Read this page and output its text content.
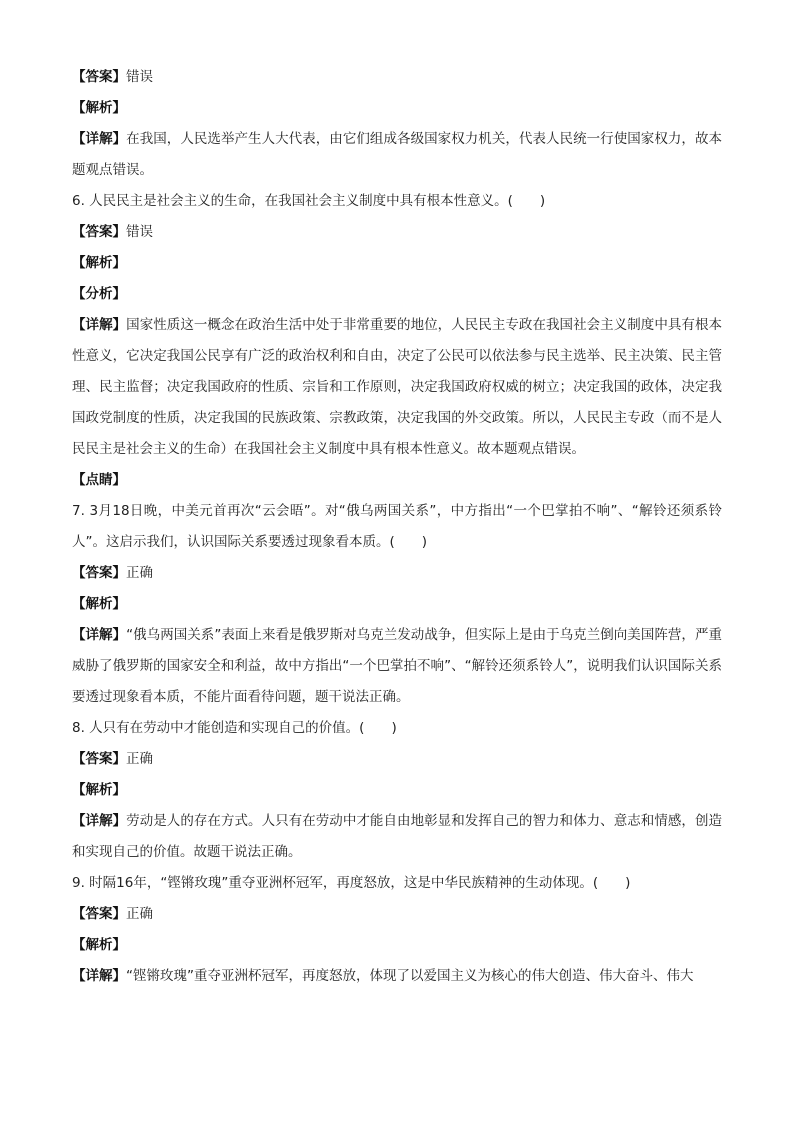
【答案】错误
【解析】
【详解】在我国，人民选举产生人大代表，由它们组成各级国家权力机关，代表人民统一行使国家权力，故本题观点错误。
6. 人民民主是社会主义的生命，在我国社会主义制度中具有根本性意义。(　　)
【答案】错误
【解析】
【分析】
【详解】国家性质这一概念在政治生活中处于非常重要的地位，人民民主专政在我国社会主义制度中具有根本性意义，它决定我国公民享有广泛的政治权利和自由，决定了公民可以依法参与民主选举、民主决策、民主管理、民主监督；决定我国政府的性质、宗旨和工作原则，决定我国政府权威的树立；决定我国的政体，决定我国政党制度的性质，决定我国的民族政策、宗教政策，决定我国的外交政策。所以，人民民主专政（而不是人民民主是社会主义的生命）在我国社会主义制度中具有根本性意义。故本题观点错误。
【点睛】
7. 3月18日晚，中美元首再次“云会晤”。对“俄乌两国关系”，中方指出“一个巴掌拍不响”、“解铃还须系铃人”。这启示我们，认识国际关系要透过现象看本质。(　　)
【答案】正确
【解析】
【详解】“俄乌两国关系”表面上来看是俄罗斯对乌克兰发动战争，但实际上是由于乌克兰倒向美国阵营，严重威胁了俄罗斯的国家安全和利益，故中方指出“一个巴掌拍不响”、“解铃还须系铃人”，说明我们认识国际关系要透过现象看本质，不能片面看待问题，题干说法正确。
8. 人只有在劳动中才能创造和实现自己的价值。(　　)
【答案】正确
【解析】
【详解】劳动是人的存在方式。人只有在劳动中才能自由地彰显和发挥自己的智力和体力、意志和情感，创造和实现自己的价值。故题干说法正确。
9. 时隔16年，“铿锵玫瑰”重夺亚洲杯冠军，再度怒放，这是中华民族精神的生动体现。(　　)
【答案】正确
【解析】
【详解】“铿锵玫瑰”重夺亚洲杯冠军，再度怒放，体现了以爱国主义为核心的伟大创造、伟大奋斗、伟大
